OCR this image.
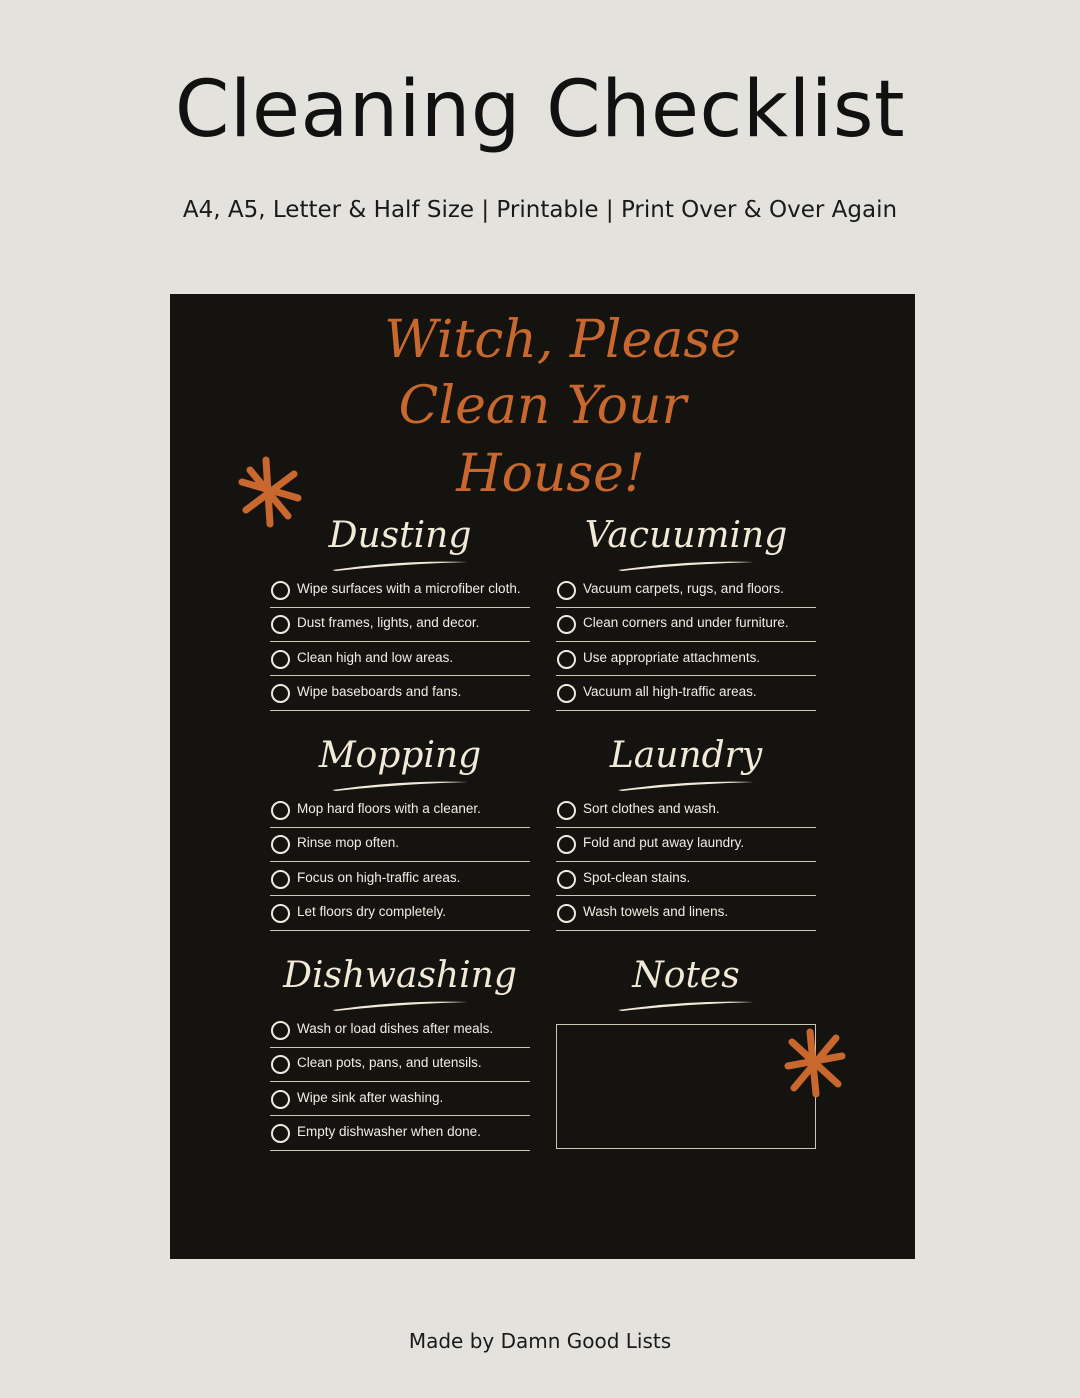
Cleaning Checklist
A4, A5, Letter & Half Size | Printable | Print Over & Over Again
Witch, Please
Clean Your
House!
Dusting
Wipe surfaces with a microfiber cloth.
Dust frames, lights, and decor.
Clean high and low areas.
Wipe baseboards and fans.
Vacuuming
Vacuum carpets, rugs, and floors.
Clean corners and under furniture.
Use appropriate attachments.
Vacuum all high-traffic areas.
Mopping
Mop hard floors with a cleaner.
Rinse mop often.
Focus on high-traffic areas.
Let floors dry completely.
Laundry
Sort clothes and wash.
Fold and put away laundry.
Spot-clean stains.
Wash towels and linens.
Dishwashing
Wash or load dishes after meals.
Clean pots, pans, and utensils.
Wipe sink after washing.
Empty dishwasher when done.
Notes
Made by Damn Good Lists
